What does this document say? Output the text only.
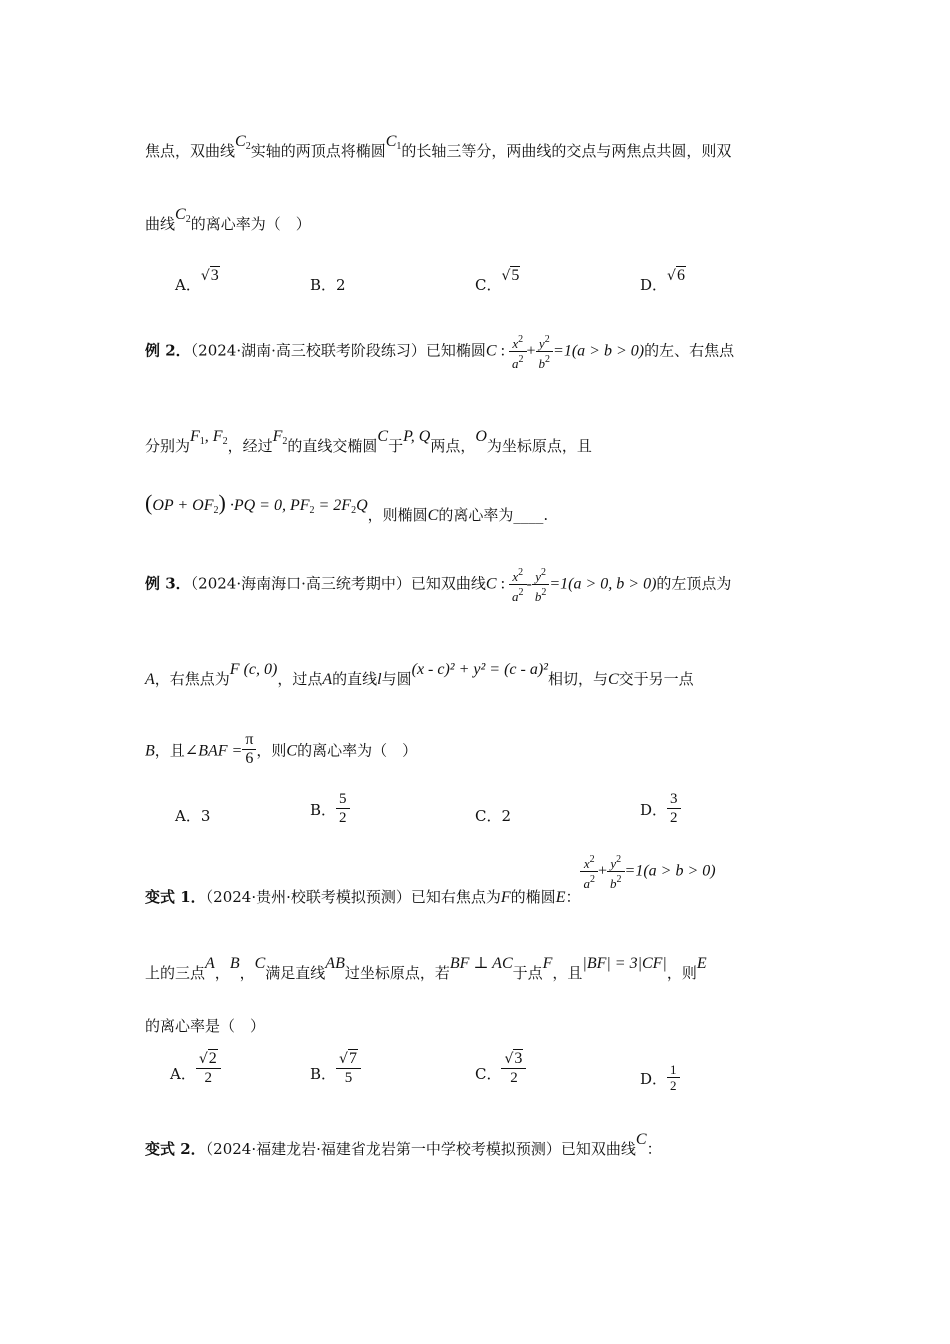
焦点，双曲线$C_2$实轴的两顶点将椭圆$C_1$的长轴三等分，两曲线的交点与两焦点共圆，则双
曲线$C_2$的离心率为（　）
A．√3
B．2	C．√5
D．√6
例 2．（2024·湖南·高三校联考阶段练习）已知椭圆C : $\frac{x^2}{a^2} + \frac{y^2}{b^2} =1(a > b > 0)$的左、右焦点
分别为$F_1$, $F_2$，经过$F_2$的直线交椭圆C于P, Q两点，O为坐标原点，且
$(OP + OF_2) \cdot PQ = 0$, $PF_2 = 2F_2Q$，则椭圆C的离心率为____.
例 3．（2024·海南海口·高三统考期中）已知双曲线C : $\frac{x^2}{a^2} - \frac{y^2}{b^2} =1(a > 0$, b > 0)的左顶点为
A，右焦点为F (c, 0)，过点A的直线l与圆(x - c)² + y² = (c - a)²相切，与C交于另一点
B，且∠BAF = $\frac{\pi}{6}$ ，则C的离心率为（　）
A．3	B． $\frac{5}{2}$	C．2	D． $\frac{3}{2}$
变式 1．（2024·贵州·校联考模拟预测）已知右焦点为F的椭圆E：
$\frac{x^2}{a^2} + \frac{y^2}{b^2} =1(a > b > 0)$
上的三点A，B，C满足直线AB过坐标原点，若BF ⊥ AC于点F，且|BF| = 3|CF|，则E
的离心率是（　）
A． $\frac{√2}{2}$	B． $\frac{√7}{5}$	C． $\frac{√3}{2}$	D． $\frac{1}{2}$
变式 2．（2024·福建龙岩·福建省龙岩第一中学校考模拟预测）已知双曲线C：
